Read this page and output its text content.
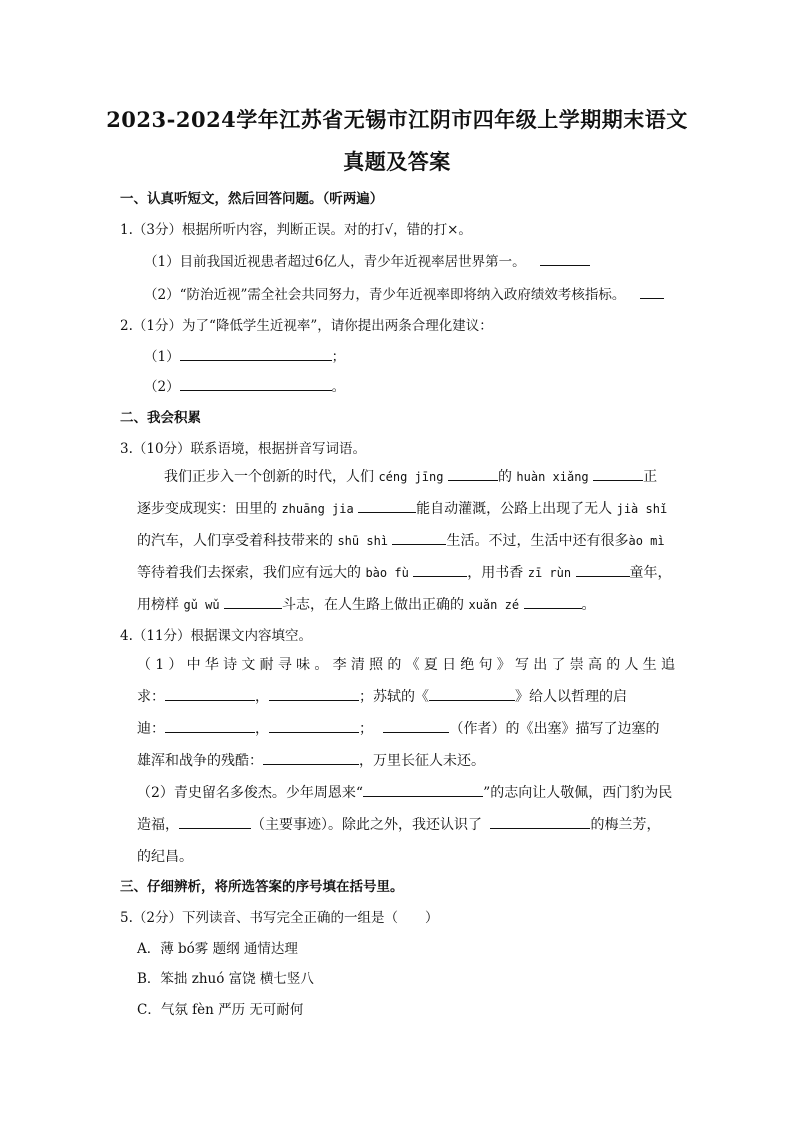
2023-2024学年江苏省无锡市江阴市四年级上学期期末语文
真题及答案
一、认真听短文，然后回答问题。（听两遍）
1.（3分）根据所听内容，判断正误。对的打√，错的打×。
（1）目前我国近视患者超过6亿人，青少年近视率居世界第一。
（2）“防治近视”需全社会共同努力，青少年近视率即将纳入政府绩效考核指标。
2.（1分）为了“降低学生近视率”，请你提出两条合理化建议：
（1）	；
（2）	。
二、我会积累
3.（10分）联系语境，根据拼音写词语。
我们正步入一个创新的时代，人们 céng jīng	的 huàn xiǎng	正
逐步变成现实：田里的 zhuāng jia	能自动灌溉，公路上出现了无人 jià shǐ
的汽车，人们享受着科技带来的 shū shì	生活。不过，生活中还有很多ào mì
等待着我们去探索，我们应有远大的 bào fù	，用书香 zī rùn	童年，
用榜样 gǔ wǔ	斗志，在人生路上做出正确的 xuǎn zé	。
4.（11分）根据课文内容填空。
（1）中华诗文耐寻味。李清照的《夏日绝句》写出了崇高的人生追
求：	，	；苏轼的《	》给人以哲理的启
迪：	，	；	（作者）的《出塞》描写了边塞的
雄浑和战争的残酷：	，万里长征人未还。
（2）青史留名多俊杰。少年周恩来“	”的志向让人敬佩，西门豹为民
造福，	（主要事迹）。除此之外，我还认识了	的梅兰芳，
的纪昌。
三、仔细辨析，将所选答案的序号填在括号里。
5.（2分）下列读音、书写完全正确的一组是（　　）
A．薄 bó雾 题纲 通情达理
B．笨拙 zhuó 富饶 横七竖八
C．气氛 fèn 严历 无可耐何
